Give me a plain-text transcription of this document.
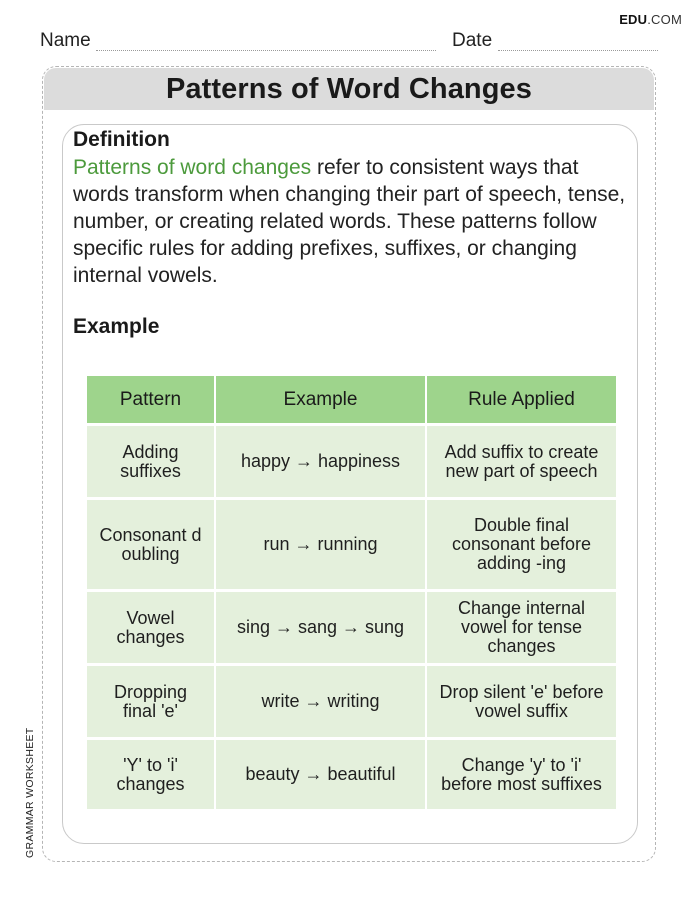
EDU.COM
Name	Date
Patterns of Word Changes
Definition
Patterns of word changes refer to consistent ways that words transform when changing their part of speech, tense, number, or creating related words. These patterns follow specific rules for adding prefixes, suffixes, or changing internal vowels.
Example
Pattern	Example	Rule Applied
Adding suffixes	happy → happiness	Add suffix to create new part of speech
Consonant doubling	run → running	Double final consonant before adding -ing
Vowel changes	sing → sang → sung	Change internal vowel for tense changes
Dropping final 'e'	write → writing	Drop silent 'e' before vowel suffix
'Y' to 'i' changes	beauty → beautiful	Change 'y' to 'i' before most suffixes
GRAMMAR WORKSHEET
